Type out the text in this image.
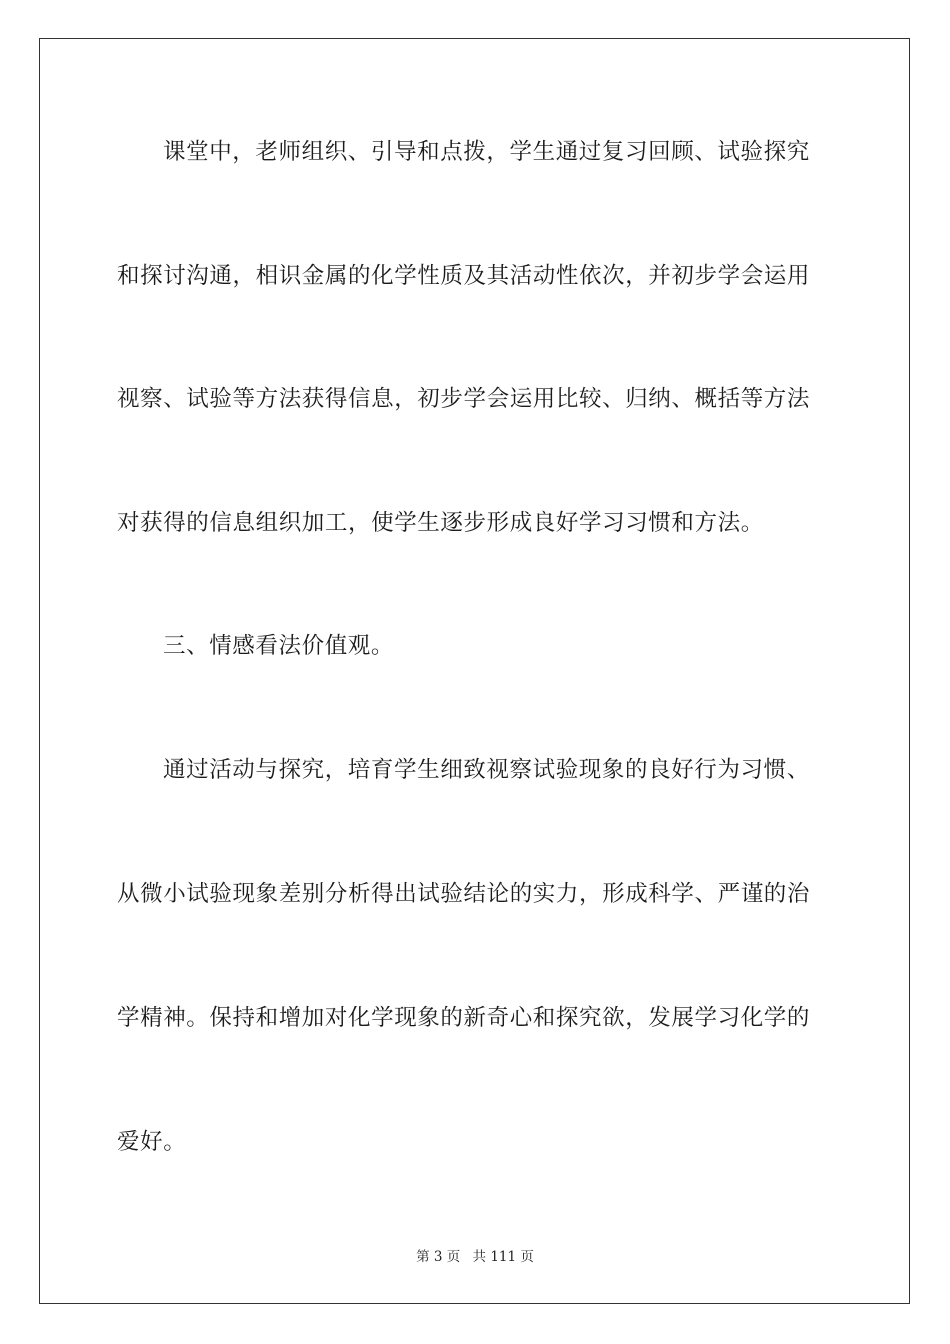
课堂中，老师组织、引导和点拨，学生通过复习回顾、试验探究
和探讨沟通，相识金属的化学性质及其活动性依次，并初步学会运用
视察、试验等方法获得信息，初步学会运用比较、归纳、概括等方法
对获得的信息组织加工，使学生逐步形成良好学习习惯和方法。
三、情感看法价值观。
通过活动与探究，培育学生细致视察试验现象的良好行为习惯、
从微小试验现象差别分析得出试验结论的实力，形成科学、严谨的治
学精神。保持和增加对化学现象的新奇心和探究欲，发展学习化学的
爱好。
第 3 页 共 111 页
